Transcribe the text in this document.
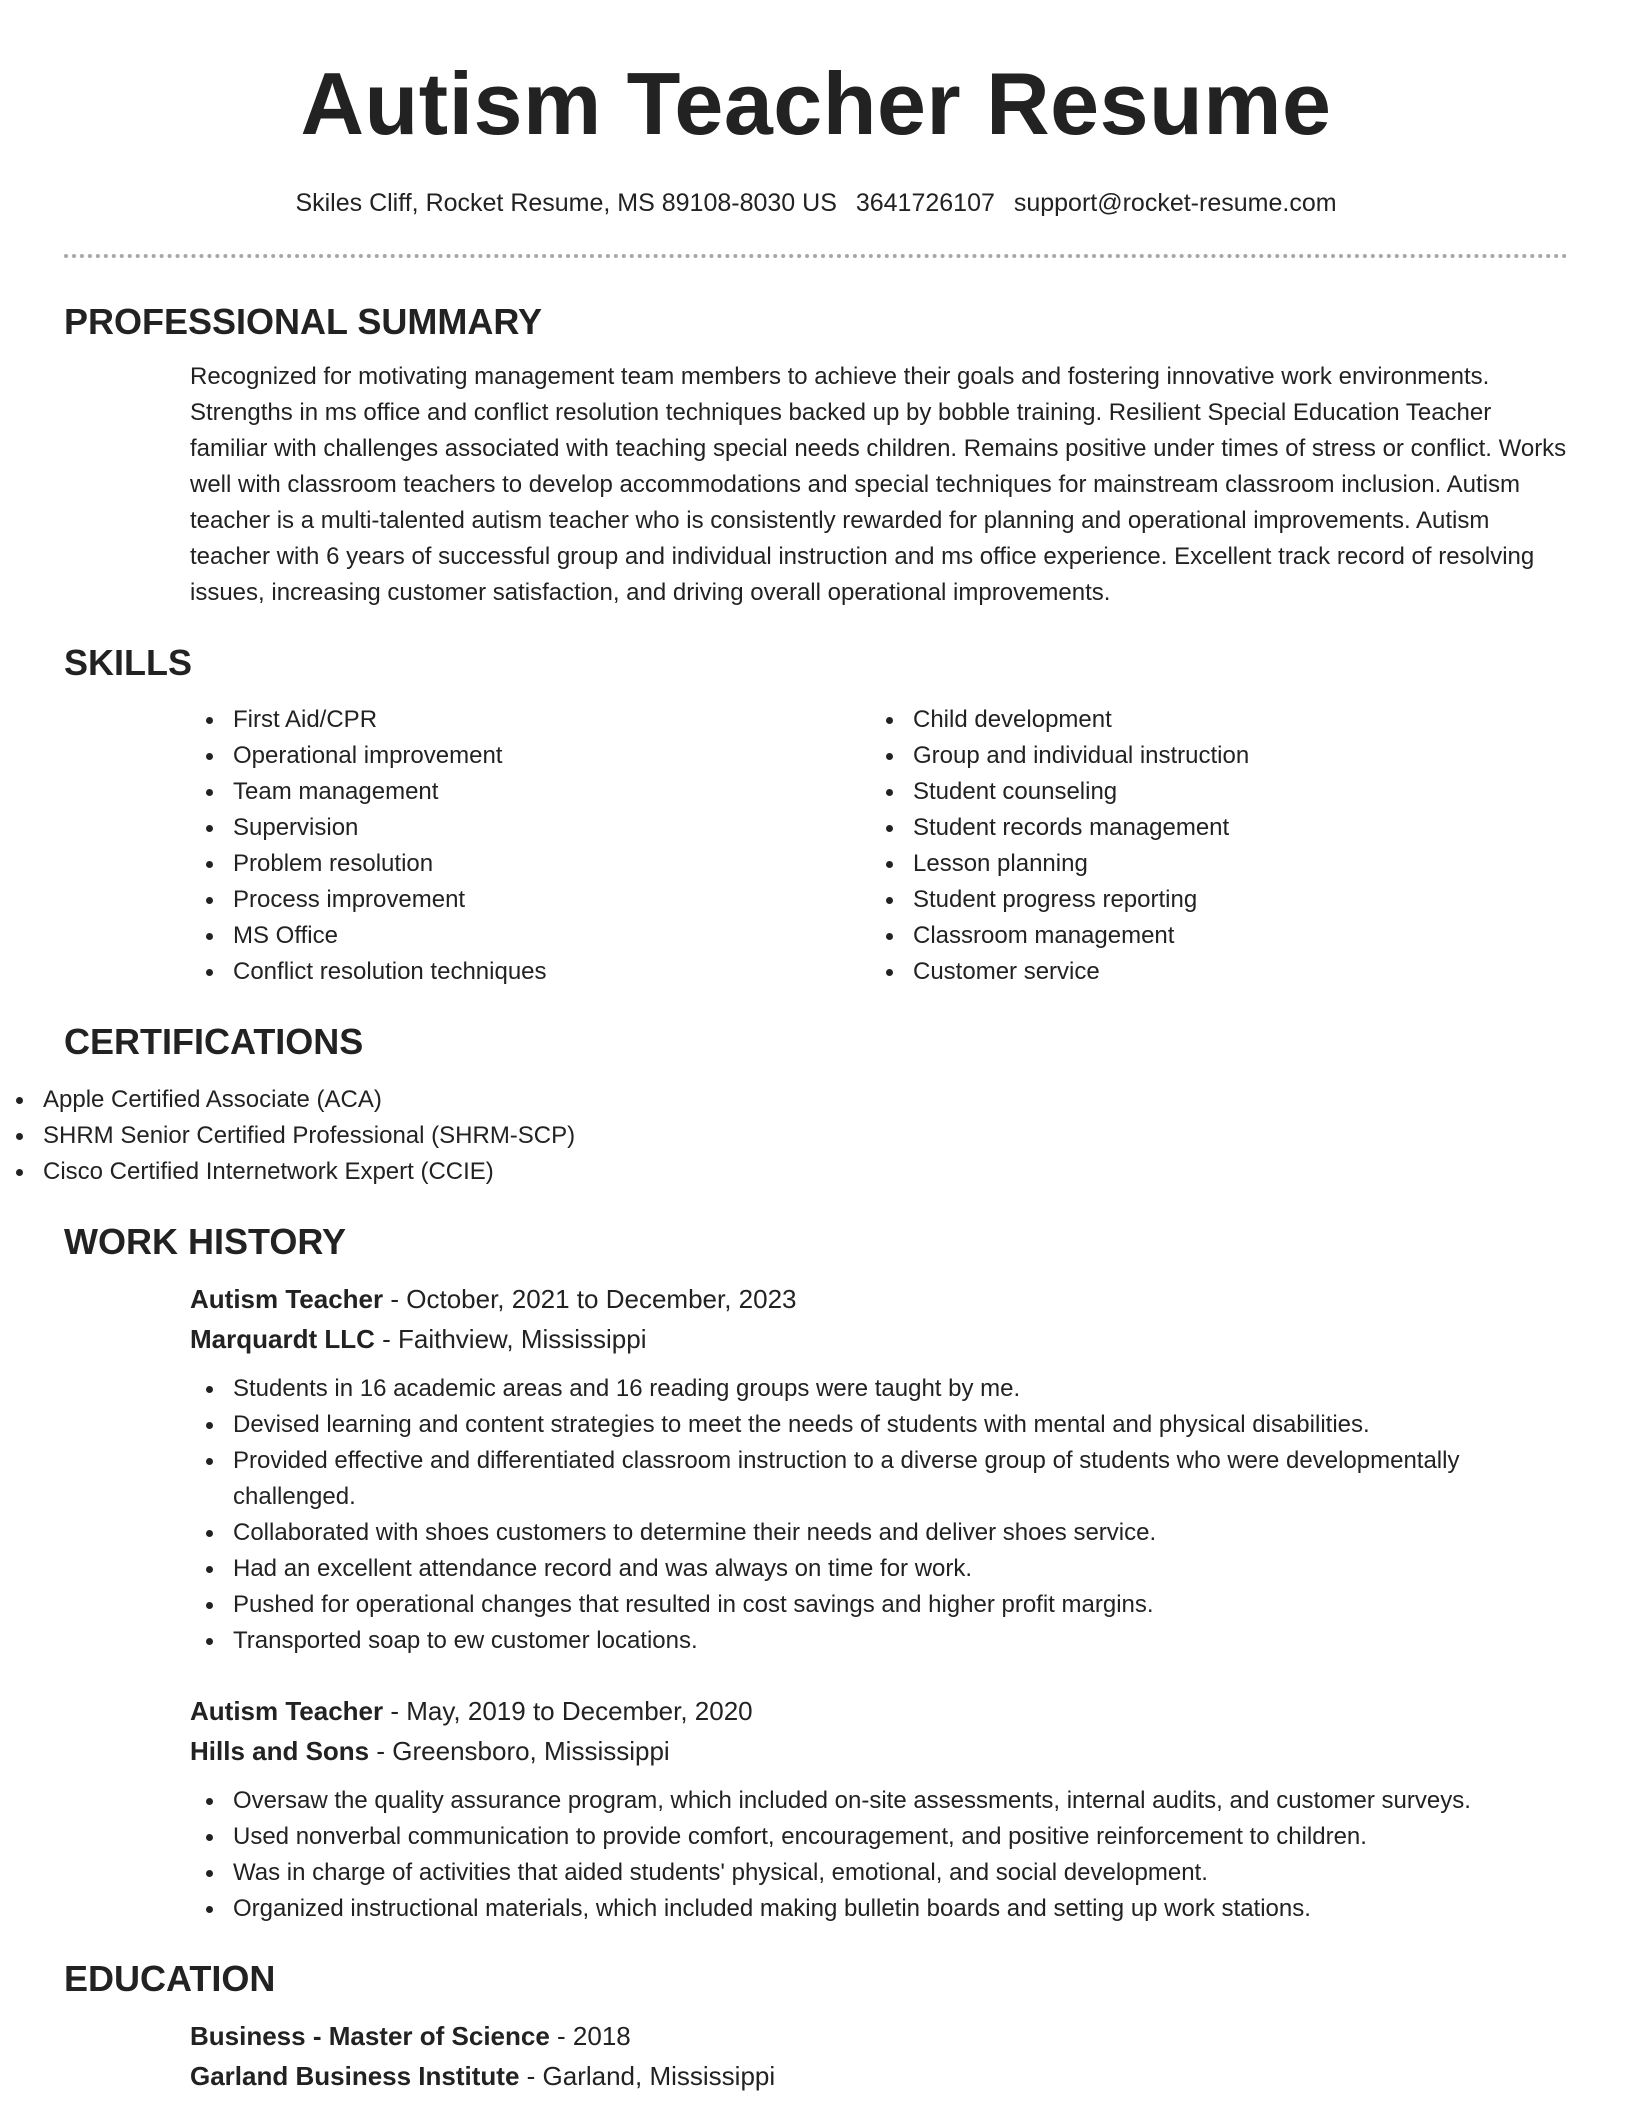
Autism Teacher Resume
Skiles Cliff, Rocket Resume, MS 89108-8030 US 3641726107 support@rocket-resume.com
PROFESSIONAL SUMMARY

Recognized for motivating management team members to achieve their goals and fostering innovative work environments. Strengths in ms office and conflict resolution techniques backed up by bobble training. Resilient Special Education Teacher familiar with challenges associated with teaching special needs children. Remains positive under times of stress or conflict. Works well with classroom teachers to develop accommodations and special techniques for mainstream classroom inclusion. Autism teacher is a multi-talented autism teacher who is consistently rewarded for planning and operational improvements. Autism teacher with 6 years of successful group and individual instruction and ms office experience. Excellent track record of resolving issues, increasing customer satisfaction, and driving overall operational improvements.

SKILLS
First Aid/CPR
Operational improvement
Team management
Supervision
Problem resolution
Process improvement
MS Office
Conflict resolution techniques
Child development
Group and individual instruction
Student counseling
Student records management
Lesson planning
Student progress reporting
Classroom management
Customer service
CERTIFICATIONS
Apple Certified Associate (ACA)
SHRM Senior Certified Professional (SHRM-SCP)
Cisco Certified Internetwork Expert (CCIE)
WORK HISTORY
Autism Teacher - October, 2021 to December, 2023
Marquardt LLC - Faithview, Mississippi
Students in 16 academic areas and 16 reading groups were taught by me.
Devised learning and content strategies to meet the needs of students with mental and physical disabilities.
Provided effective and differentiated classroom instruction to a diverse group of students who were developmentally challenged.
Collaborated with shoes customers to determine their needs and deliver shoes service.
Had an excellent attendance record and was always on time for work.
Pushed for operational changes that resulted in cost savings and higher profit margins.
Transported soap to ew customer locations.
Autism Teacher - May, 2019 to December, 2020
Hills and Sons - Greensboro, Mississippi
Oversaw the quality assurance program, which included on-site assessments, internal audits, and customer surveys.
Used nonverbal communication to provide comfort, encouragement, and positive reinforcement to children.
Was in charge of activities that aided students' physical, emotional, and social development.
Organized instructional materials, which included making bulletin boards and setting up work stations.
EDUCATION
Business - Master of Science - 2018
Garland Business Institute - Garland, Mississippi
